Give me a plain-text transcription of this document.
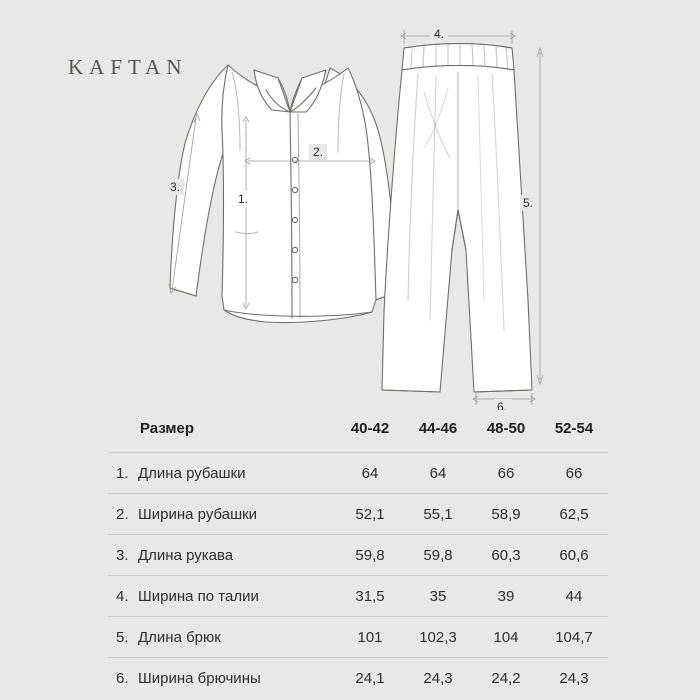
KAFTAN
1.
2.
3.
4.
5.
6.
Размер	40-42	44-46	48-50	52-54
1. Длина рубашки	64	64	66	66
2. Ширина рубашки	52,1	55,1	58,9	62,5
3. Длина рукава	59,8	59,8	60,3	60,6
4. Ширина по талии	31,5	35	39	44
5. Длина брюк	101	102,3	104	104,7
6. Ширина брючины	24,1	24,3	24,2	24,3
